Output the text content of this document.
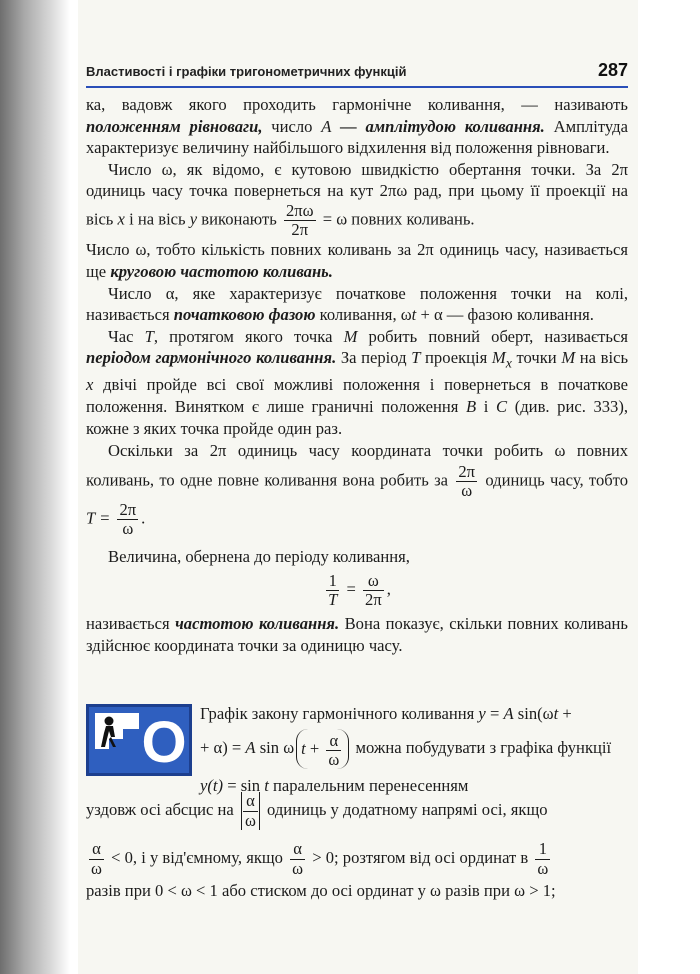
Властивості і графіки тригонометричних функцій	287

ка, вадовж якого проходить гармонічне коливання, — називають положенням рівноваги, число A — амплітудою коливання. Амплітуда характеризує величину найбільшого відхилення від положення рівноваги.

Число ω, як відомо, є кутовою швидкістю обертання точки. За 2π одиниць часу точка повернеться на кут 2πω рад, при цьому її проекції на вісь x і на вісь y виконають $\frac{2\pi\omega}{2\pi} = \omega$ повних коливань.

Число ω, тобто кількість повних коливань за 2π одиниць часу, називається ще круговою частотою коливань.

Число α, яке характеризує початкове положення точки на колі, називається початковою фазою коливання, ωt + α — фазою коливання.

Час T, протягом якого точка M робить повний оберт, називається періодом гармонічного коливання. За період T проекція $M_x$ точки M на вісь x двічі пройде всі свої можливі положення і повернеться в початкове положення. Винятком є лише граничні положення B і C (див. рис. 333), кожне з яких точка пройде один раз.

Оскільки за 2π одиниць часу координата точки робить ω повних коливань, то одне повне коливання вона робить за $\frac{2\pi}{\omega}$ одиниць часу, тобто $T = \frac{2\pi}{\omega}$ .

Величина, обернена до періоду коливання,

$\frac{1}{T} = \frac{\omega}{2\pi}$ ,

називається частотою коливання. Вона показує, скільки повних коливань здійснює координата точки за одиницю часу.

O Графік закону гармонічного коливання y = A sin(ωt +

+ α) = A sin ω $t + \frac{\alpha}{\omega}$ можна побудувати з графіка функції

y(t) = sin t паралельним перенесенням

уздовж осі абсцис на $\frac{\alpha}{\omega}$ одиниць у додатному напрямі осі, якщо

$\frac{\alpha}{\omega} < 0$, і у від'ємному, якщо $\frac{\alpha}{\omega} > 0$; розтягом від осі ординат в $\frac{1}{\omega}$

разів при 0 < ω < 1 або стиском до осі ординат у ω разів при ω > 1;
